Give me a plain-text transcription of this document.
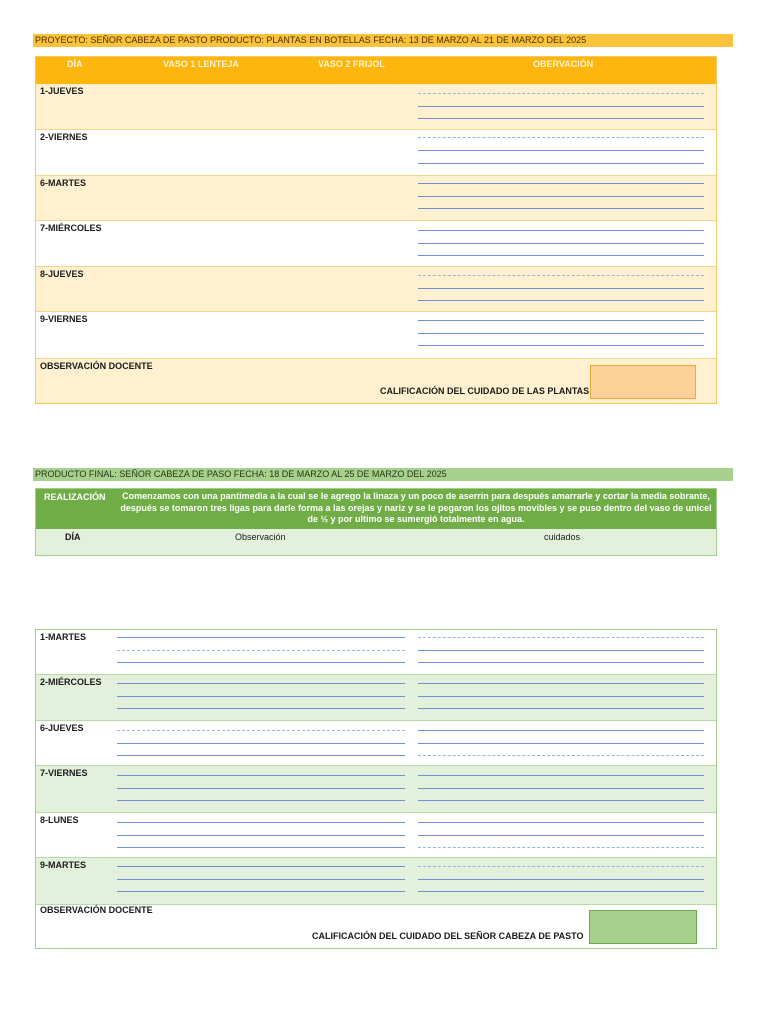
PROYECTO: SEÑOR CABEZA DE PASTO PRODUCTO: PLANTAS EN BOTELLAS FECHA: 13 DE MARZO AL 21 DE MARZO DEL 2025
DÍA	VASO 1 LENTEJA	VASO 2 FRIJOL	OBERVACIÓN
1-JUEVES
2-VIERNES
6-MARTES
7-MIÉRCOLES
8-JUEVES
9-VIERNES
OBSERVACIÓN DOCENTE
CALIFICACIÓN DEL CUIDADO DE LAS PLANTAS
PRODUCTO FINAL: SEÑOR CABEZA DE PASO FECHA: 18 DE MARZO AL 25 DE MARZO DEL 2025
REALIZACIÓN Comenzamos con una pantimedia a la cual se le agrego la linaza y un poco de aserrín para después amarrarle y cortar la media sobrante, después se tomaron tres ligas para darle forma a las orejas y nariz y se le pegaron los ojitos movibles y se puso dentro del vaso de unicel de ½ y por ultimo se sumergió totalmente en agua.
DÍA	Observación	cuidados
1-MARTES
2-MIÉRCOLES
6-JUEVES
7-VIERNES
8-LUNES
9-MARTES
OBSERVACIÓN DOCENTE
CALIFICACIÓN DEL CUIDADO DEL SEÑOR CABEZA DE PASTO
